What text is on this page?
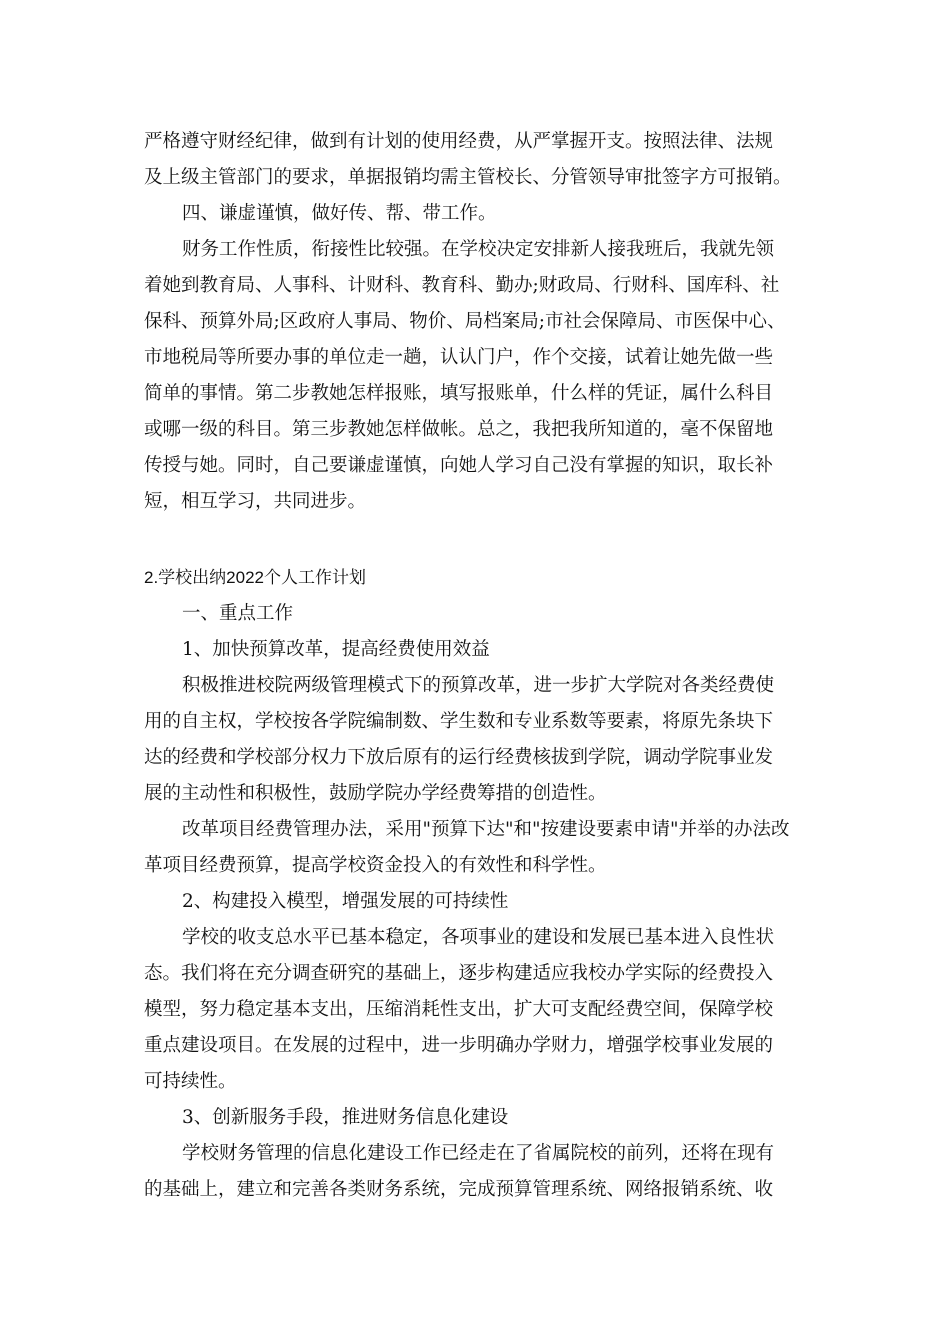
严格遵守财经纪律，做到有计划的使用经费，从严掌握开支。按照法律、法规
及上级主管部门的要求，单据报销均需主管校长、分管领导审批签字方可报销。
四、谦虚谨慎，做好传、帮、带工作。
财务工作性质，衔接性比较强。在学校决定安排新人接我班后，我就先领
着她到教育局、人事科、计财科、教育科、勤办;财政局、行财科、国库科、社
保科、预算外局;区政府人事局、物价、局档案局;市社会保障局、市医保中心、
市地税局等所要办事的单位走一趟，认认门户，作个交接，试着让她先做一些
简单的事情。第二步教她怎样报账，填写报账单，什么样的凭证，属什么科目
或哪一级的科目。第三步教她怎样做帐。总之，我把我所知道的，毫不保留地
传授与她。同时，自己要谦虚谨慎，向她人学习自己没有掌握的知识，取长补
短，相互学习，共同进步。
2.学校出纳2022个人工作计划
一、重点工作
1、加快预算改革，提高经费使用效益
积极推进校院两级管理模式下的预算改革，进一步扩大学院对各类经费使
用的自主权，学校按各学院编制数、学生数和专业系数等要素，将原先条块下
达的经费和学校部分权力下放后原有的运行经费核拔到学院，调动学院事业发
展的主动性和积极性，鼓励学院办学经费筹措的创造性。
改革项目经费管理办法，采用"预算下达"和"按建设要素申请"并举的办法改
革项目经费预算，提高学校资金投入的有效性和科学性。
2、构建投入模型，增强发展的可持续性
学校的收支总水平已基本稳定，各项事业的建设和发展已基本进入良性状
态。我们将在充分调查研究的基础上，逐步构建适应我校办学实际的经费投入
模型，努力稳定基本支出，压缩消耗性支出，扩大可支配经费空间，保障学校
重点建设项目。在发展的过程中，进一步明确办学财力，增强学校事业发展的
可持续性。
3、创新服务手段，推进财务信息化建设
学校财务管理的信息化建设工作已经走在了省属院校的前列，还将在现有
的基础上，建立和完善各类财务系统，完成预算管理系统、网络报销系统、收
